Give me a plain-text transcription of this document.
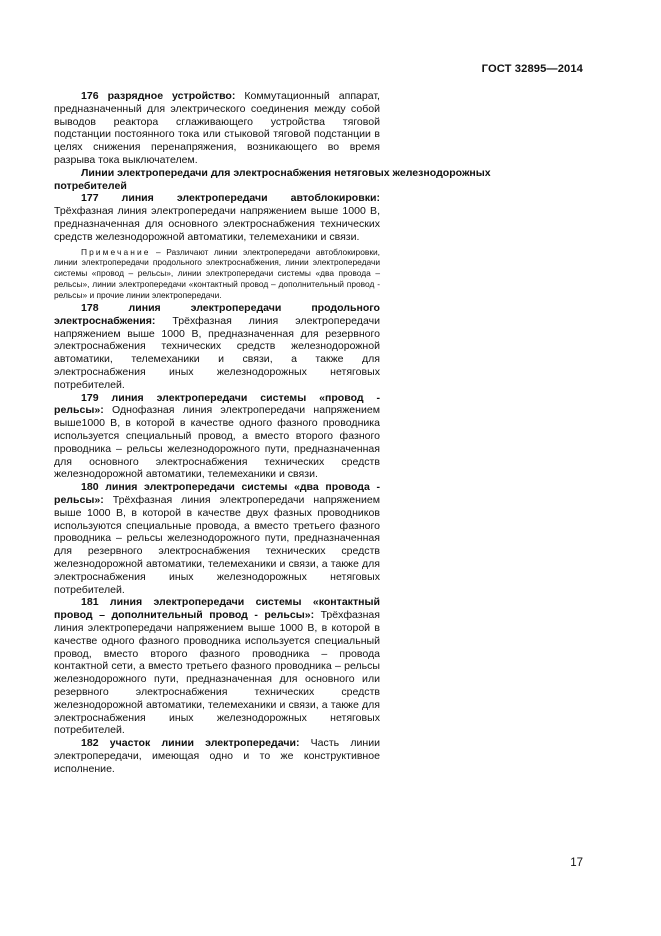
ГОСТ 32895—2014

176 разрядное устройство: Коммутационный аппарат, предназначенный для электрического соединения между собой выводов реактора сглаживающего устройства тяговой подстанции постоянного тока или стыковой тяговой подстанции в целях снижения перенапряжения, возникающего во время разрыва тока выключателем.

Линии электропередачи для электроснабжения нетяговых железнодорожных потребителей

177 линия электропередачи автоблокировки: Трёхфазная линия электропередачи напряжением выше 1000 В, предназначенная для основного электроснабжения технических средств железнодорожной автоматики, телемеханики и связи.

Примечание – Различают линии электропередачи автоблокировки, линии электропередачи продольного электроснабжения, линии электропередачи системы «провод – рельсы», линии электропередачи системы «два провода – рельсы», линии электропередачи «контактный провод – дополнительный провод - рельсы» и прочие линии электропередачи.

178 линия электропередачи продольного электроснабжения: Трёхфазная линия электропередачи напряжением выше 1000 В, предназначенная для резервного электроснабжения технических средств железнодорожной автоматики, телемеханики и связи, а также для электроснабжения иных железнодорожных нетяговых потребителей.

179 линия электропередачи системы «провод - рельсы»: Однофазная линия электропередачи напряжением выше1000 В, в которой в качестве одного фазного проводника используется специальный провод, а вместо второго фазного проводника – рельсы железнодорожного пути, предназначенная для основного электроснабжения технических средств железнодорожной автоматики, телемеханики и связи.

180 линия электропередачи системы «два провода - рельсы»: Трёхфазная линия электропередачи напряжением выше 1000 В, в которой в качестве двух фазных проводников используются специальные провода, а вместо третьего фазного проводника – рельсы железнодорожного пути, предназначенная для резервного электроснабжения технических средств железнодорожной автоматики, телемеханики и связи, а также для электроснабжения иных железнодорожных нетяговых потребителей.

181 линия электропередачи системы «контактный провод – дополнительный провод - рельсы»: Трёхфазная линия электропередачи напряжением выше 1000 В, в которой в качестве одного фазного проводника используется специальный провод, вместо второго фазного проводника – провода контактной сети, а вместо третьего фазного проводника – рельсы железнодорожного пути, предназначенная для основного или резервного электроснабжения технических средств железнодорожной автоматики, телемеханики и связи, а также для электроснабжения иных железнодорожных нетяговых потребителей.

182 участок линии электропередачи: Часть линии электропередачи, имеющая одно и то же конструктивное исполнение.

17
